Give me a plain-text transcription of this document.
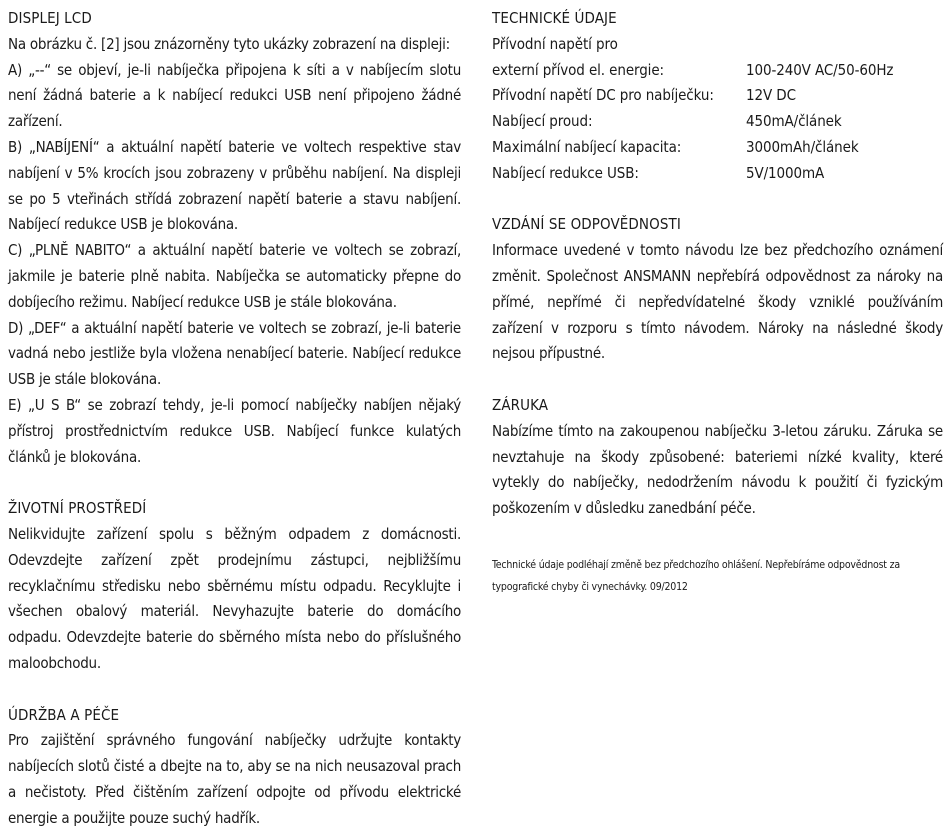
DISPLEJ LCD

Na obrázku č. [2] jsou znázorněny tyto ukázky zobrazení na displeji:

A) „--“ se objeví, je-li nabíječka připojena k síti a v nabíjecím slotu není žádná baterie a k nabíjecí redukci USB není připojeno žádné zařízení.

B) „NABÍJENÍ“ a aktuální napětí baterie ve voltech respektive stav nabíjení v 5% krocích jsou zobrazeny v průběhu nabíjení. Na displeji se po 5 vteřinách střídá zobrazení napětí baterie a stavu nabíjení. Nabíjecí redukce USB je blokována.

C) „PLNĚ NABITO“ a aktuální napětí baterie ve voltech se zobrazí, jakmile je baterie plně nabita. Nabíječka se automaticky přepne do dobíjecího režimu. Nabíjecí redukce USB je stále blokována.

D) „DEF“ a aktuální napětí baterie ve voltech se zobrazí, je-li baterie vadná nebo jestliže byla vložena nenabíjecí baterie. Nabíjecí redukce USB je stále blokována.

E) „U S B“ se zobrazí tehdy, je-li pomocí nabíječky nabíjen nějaký přístroj prostřednictvím redukce USB. Nabíjecí funkce kulatých článků je blokována.

ŽIVOTNÍ PROSTŘEDÍ

Nelikvidujte zařízení spolu s běžným odpadem z domácnosti. Odevzdejte zařízení zpět prodejnímu zástupci, nejbližšímu recyklačnímu středisku nebo sběrnému místu odpadu. Recyklujte i všechen obalový materiál. Nevyhazujte baterie do domácího odpadu. Odevzdejte baterie do sběrného místa nebo do příslušného maloobchodu.

ÚDRŽBA A PÉČE

Pro zajištění správného fungování nabíječky udržujte kontakty nabíjecích slotů čisté a dbejte na to, aby se na nich neusazoval prach a nečistoty. Před čištěním zařízení odpojte od přívodu elektrické energie a použijte pouze suchý hadřík.

TECHNICKÉ ÚDAJE
Přívodní napětí pro
externí přívod el. energie:	100-240V AC/50-60Hz
Přívodní napětí DC pro nabíječku:	12V DC
Nabíjecí proud:	450mA/článek
Maximální nabíjecí kapacita:	3000mAh/článek
Nabíjecí redukce USB:	5V/1000mA
VZDÁNÍ SE ODPOVĚDNOSTI

Informace uvedené v tomto návodu lze bez předchozího oznámení změnit. Společnost ANSMANN nepřebírá odpovědnost za nároky na přímé, nepřímé či nepředvídatelné škody vzniklé používáním zařízení v rozporu s tímto návodem. Nároky na následné škody nejsou přípustné.

ZÁRUKA

Nabízíme tímto na zakoupenou nabíječku 3-letou záruku. Záruka se nevztahuje na škody způsobené: bateriemi nízké kvality, které vytekly do nabíječky, nedodržením návodu k použití či fyzickým poškozením v důsledku zanedbání péče.

Technické údaje podléhají změně bez předchozího ohlášení. Nepřebíráme odpovědnost za typografické chyby či vynechávky. 09/2012
